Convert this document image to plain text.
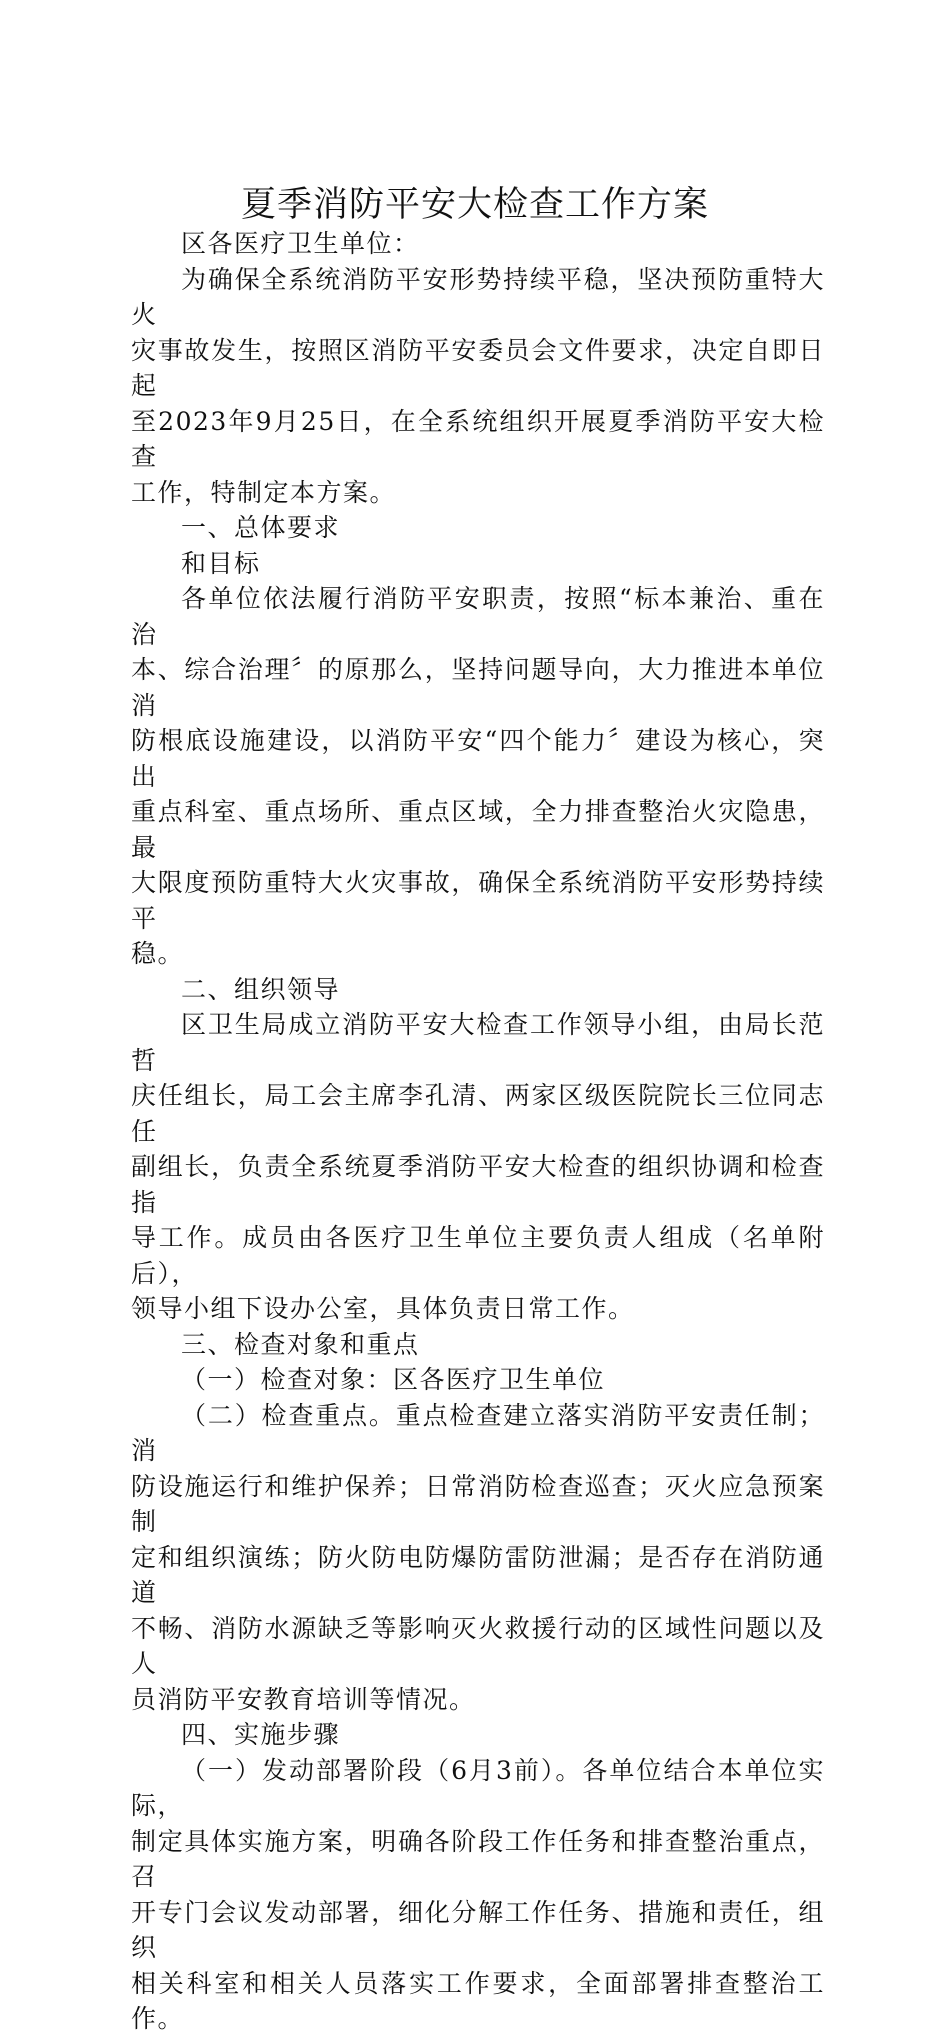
夏季消防平安大检查工作方案

区各医疗卫生单位：

为确保全系统消防平安形势持续平稳，坚决预防重特大火
灾事故发生，按照区消防平安委员会文件要求，决定自即日起
至2023年9月25日，在全系统组织开展夏季消防平安大检查
工作，特制定本方案。

一、总体要求

和目标

各单位依法履行消防平安职责，按照“标本兼治、重在治
本、综合治理〞的原那么，坚持问题导向，大力推进本单位消
防根底设施建设，以消防平安“四个能力〞建设为核心，突出
重点科室、重点场所、重点区域，全力排查整治火灾隐患，最
大限度预防重特大火灾事故，确保全系统消防平安形势持续平
稳。

二、组织领导

区卫生局成立消防平安大检查工作领导小组，由局长范哲
庆任组长，局工会主席李孔清、两家区级医院院长三位同志任
副组长，负责全系统夏季消防平安大检查的组织协调和检查指
导工作。成员由各医疗卫生单位主要负责人组成（名单附后），
领导小组下设办公室，具体负责日常工作。

三、检查对象和重点

（一）检查对象：区各医疗卫生单位

（二）检查重点。重点检查建立落实消防平安责任制；消
防设施运行和维护保养；日常消防检查巡查；灭火应急预案制
定和组织演练；防火防电防爆防雷防泄漏；是否存在消防通道
不畅、消防水源缺乏等影响灭火救援行动的区域性问题以及人
员消防平安教育培训等情况。

四、实施步骤

（一）发动部署阶段（6月3前）。各单位结合本单位实际，
制定具体实施方案，明确各阶段工作任务和排查整治重点，召
开专门会议发动部署，细化分解工作任务、措施和责任，组织
相关科室和相关人员落实工作要求，全面部署排查整治工作。
